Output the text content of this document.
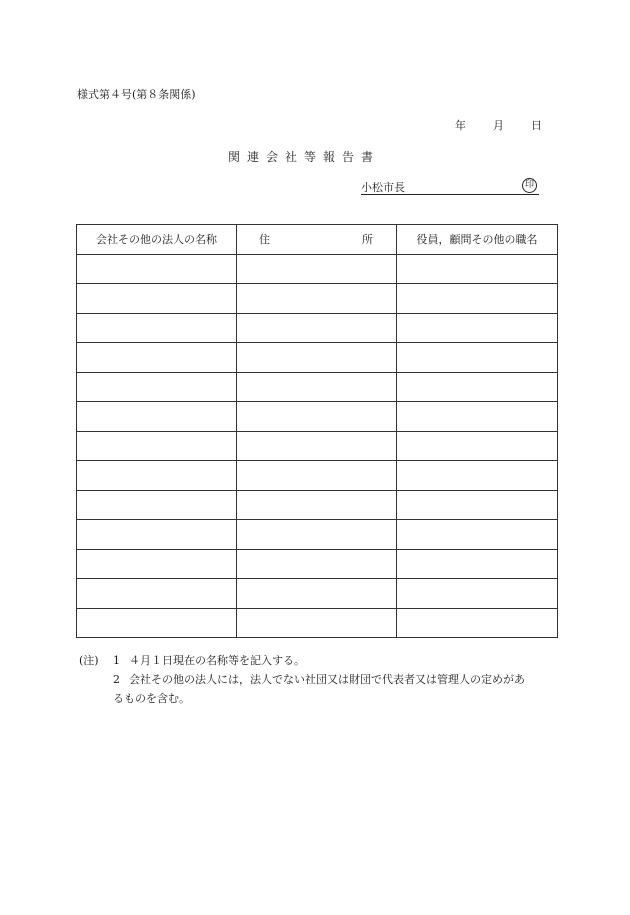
様式第４号(第８条関係)
年 月 日
関連会社等報告書
小松市長	印
会社その他の法人の名称	住 所	役員，顧問その他の職名

(注) 1 ４月１日現在の名称等を記入する。
2 会社その他の法人には，法人でない社団又は財団で代表者又は管理人の定めがあ
るものを含む。
